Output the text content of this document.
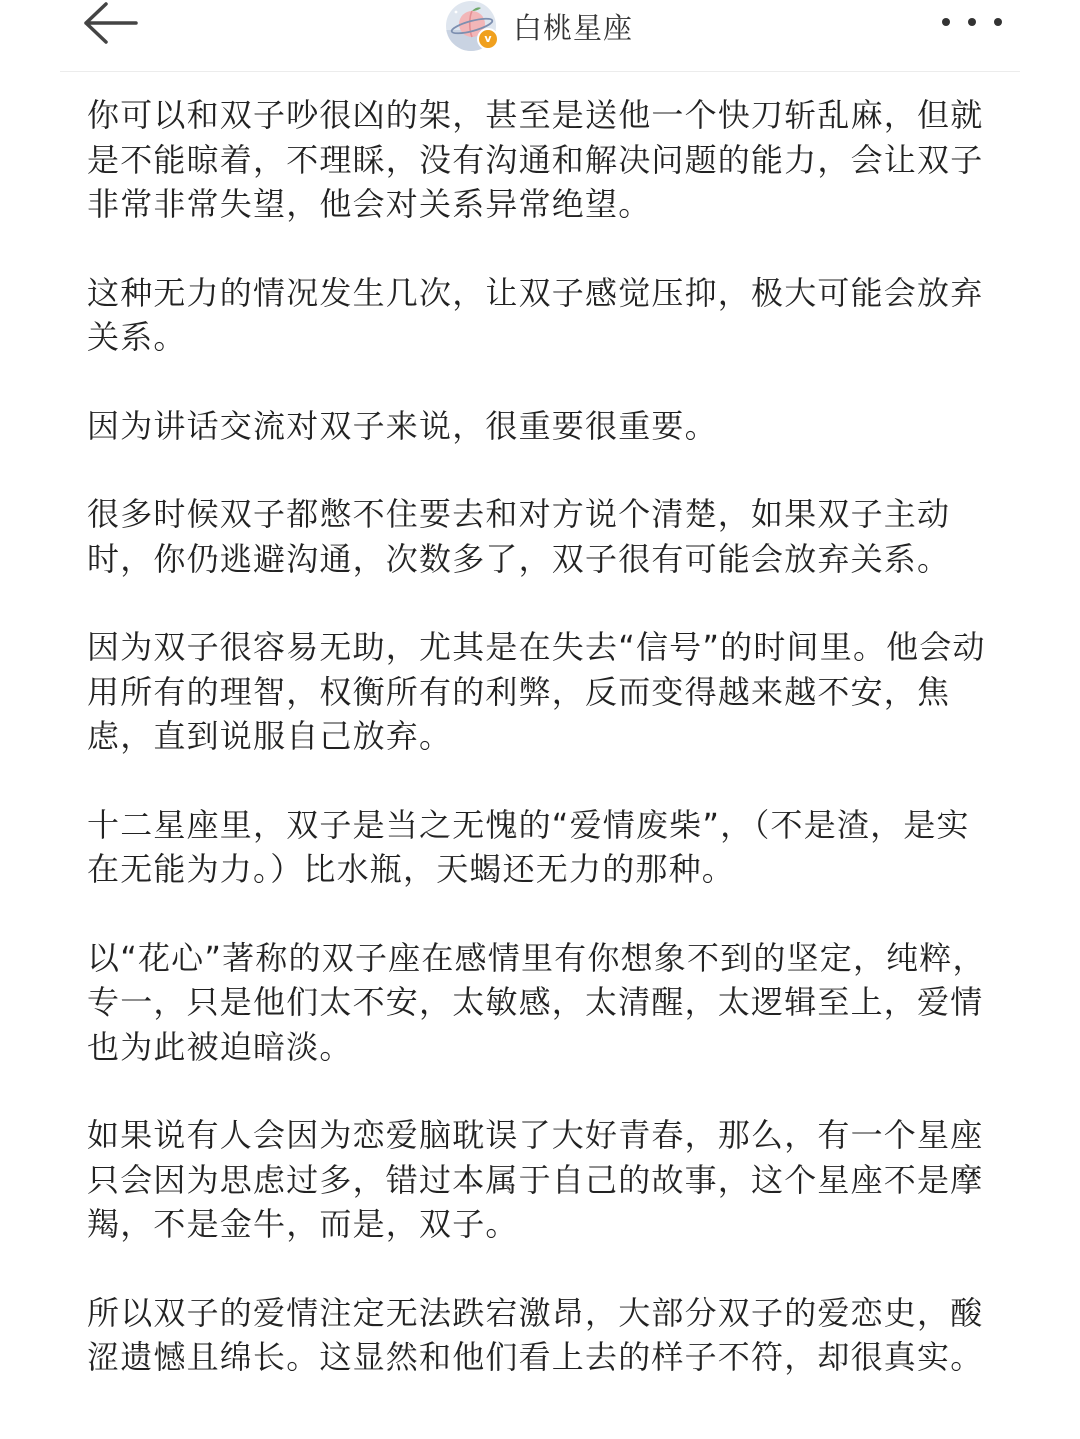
v 白桃星座

你可以和双子吵很凶的架，甚至是送他一个快刀斩乱麻，但就是不能晾着，不理睬，没有沟通和解决问题的能力，会让双子非常非常失望，他会对关系异常绝望。

这种无力的情况发生几次，让双子感觉压抑，极大可能会放弃关系。

因为讲话交流对双子来说，很重要很重要。

很多时候双子都憋不住要去和对方说个清楚，如果双子主动时，你仍逃避沟通，次数多了，双子很有可能会放弃关系。

因为双子很容易无助，尤其是在失去“信号”的时间里。他会动用所有的理智，权衡所有的利弊，反而变得越来越不安，焦虑，直到说服自己放弃。

十二星座里，双子是当之无愧的“爱情废柴”，（不是渣，是实在无能为力。）比水瓶，天蝎还无力的那种。

以“花心”著称的双子座在感情里有你想象不到的坚定，纯粹，专一，只是他们太不安，太敏感，太清醒，太逻辑至上，爱情也为此被迫暗淡。

如果说有人会因为恋爱脑耽误了大好青春，那么，有一个星座只会因为思虑过多，错过本属于自己的故事，这个星座不是摩羯，不是金牛，而是，双子。

所以双子的爱情注定无法跌宕激昂，大部分双子的爱恋史，酸涩遗憾且绵长。这显然和他们看上去的样子不符，却很真实。
